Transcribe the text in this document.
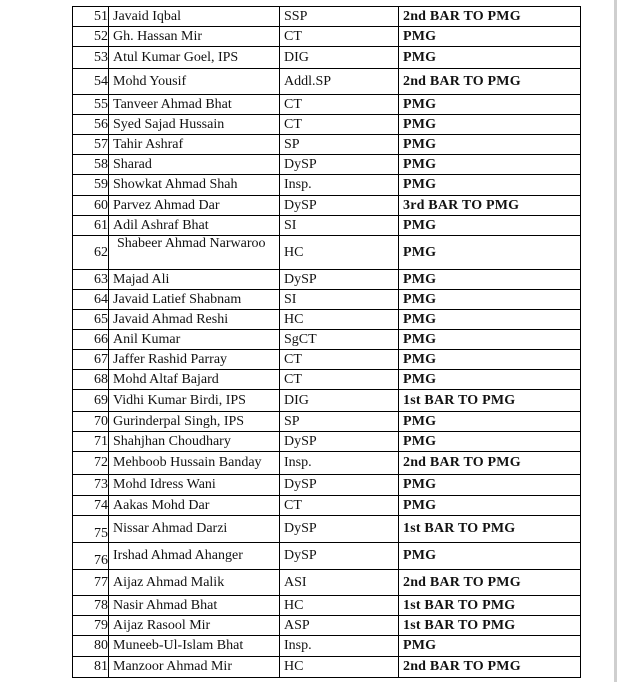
51	Javaid Iqbal	SSP	2nd BAR TO PMG
52	Gh. Hassan Mir	CT	PMG
53	Atul Kumar Goel, IPS	DIG	PMG
54	Mohd Yousif	Addl.SP	2nd BAR TO PMG
55	Tanveer Ahmad Bhat	CT	PMG
56	Syed Sajad Hussain	CT	PMG
57	Tahir Ashraf	SP	PMG
58	Sharad	DySP	PMG
59	Showkat Ahmad Shah	Insp.	PMG
60	Parvez Ahmad Dar	DySP	3rd BAR TO PMG
61	Adil Ashraf Bhat	SI	PMG
62	Shabeer Ahmad Narwaroo	HC	PMG
63	Majad Ali	DySP	PMG
64	Javaid Latief Shabnam	SI	PMG
65	Javaid Ahmad Reshi	HC	PMG
66	Anil Kumar	SgCT	PMG
67	Jaffer Rashid Parray	CT	PMG
68	Mohd Altaf Bajard	CT	PMG
69	Vidhi Kumar Birdi, IPS	DIG	1st BAR TO PMG
70	Gurinderpal Singh, IPS	SP	PMG
71	Shahjhan Choudhary	DySP	PMG
72	Mehboob Hussain Banday	Insp.	2nd BAR TO PMG
73	Mohd Idress Wani	DySP	PMG
74	Aakas Mohd Dar	CT	PMG
75	Nissar Ahmad Darzi	DySP	1st BAR TO PMG
76	Irshad Ahmad Ahanger	DySP	PMG
77	Aijaz Ahmad Malik	ASI	2nd BAR TO PMG
78	Nasir Ahmad Bhat	HC	1st BAR TO PMG
79	Aijaz Rasool Mir	ASP	1st BAR TO PMG
80	Muneeb-Ul-Islam Bhat	Insp.	PMG
81	Manzoor Ahmad Mir	HC	2nd BAR TO PMG
